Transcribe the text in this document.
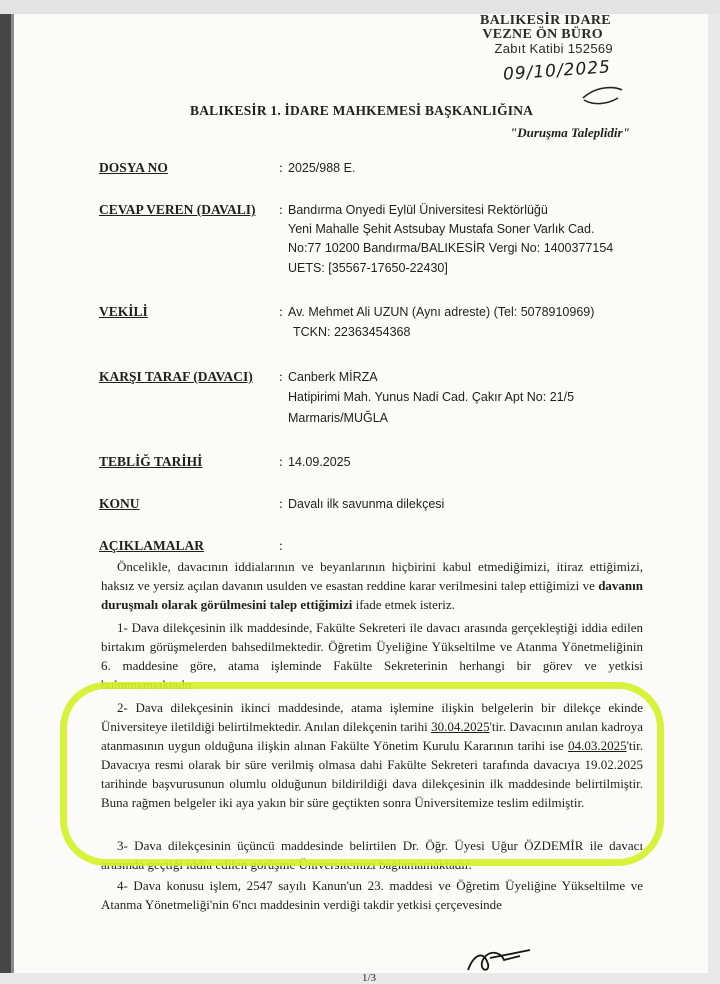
BALIKESİR IDARE
VEZNE ÖN BÜRO
Zabıt Katibi 152569
09/10/2025
BALIKESİR 1. İDARE MAHKEMESİ BAŞKANLIĞINA
"Duruşma Taleplidir"
DOSYA NO	: 2025/988 E.
CEVAP VEREN (DAVALI) : Bandırma Onyedi Eylül Üniversitesi Rektörlüğü
Yeni Mahalle Şehit Astsubay Mustafa Soner Varlık Cad.
No:77 10200 Bandırma/BALIKESİR Vergi No: 1400377154
UETS: [35567-17650-22430]
VEKİLİ	: Av. Mehmet Ali UZUN (Aynı adreste) (Tel: 5078910969)
TCKN: 22363454368
KARŞI TARAF (DAVACI) : Canberk MİRZA
Hatipirimi Mah. Yunus Nadi Cad. Çakır Apt No: 21/5
Marmaris/MUĞLA
TEBLİĞ TARİHİ	: 14.09.2025
KONU	: Davalı ilk savunma dilekçesi
AÇIKLAMALAR	:
Öncelikle, davacının iddialarının ve beyanlarının hiçbirini kabul etmediğimizi, itiraz ettiğimizi, haksız ve yersiz açılan davanın usulden ve esastan reddine karar verilmesini talep ettiğimizi ve davanın duruşmalı olarak görülmesini talep ettiğimizi ifade etmek isteriz.
1- Dava dilekçesinin ilk maddesinde, Fakülte Sekreteri ile davacı arasında gerçekleştiği iddia edilen birtakım görüşmelerden bahsedilmektedir. Öğretim Üyeliğine Yükseltilme ve Atanma Yönetmeliğinin 6. maddesine göre, atama işleminde Fakülte Sekreterinin herhangi bir görev ve yetkisi bulunmamaktadır.
2- Dava dilekçesinin ikinci maddesinde, atama işlemine ilişkin belgelerin bir dilekçe ekinde Üniversiteye iletildiği belirtilmektedir. Anılan dilekçenin tarihi 30.04.2025'tir. Davacının anılan kadroya atanmasının uygun olduğuna ilişkin alınan Fakülte Yönetim Kurulu Kararının tarihi ise 04.03.2025'tir. Davacıya resmi olarak bir süre verilmiş olmasa dahi Fakülte Sekreteri tarafında davacıya 19.02.2025 tarihinde başvurusunun olumlu olduğunun bildirildiği dava dilekçesinin ilk maddesinde belirtilmiştir. Buna rağmen belgeler iki aya yakın bir süre geçtikten sonra Üniversitemize teslim edilmiştir.
3- Dava dilekçesinin üçüncü maddesinde belirtilen Dr. Öğr. Üyesi Uğur ÖZDEMİR ile davacı arasında geçtiği iddia edilen görüşme Üniversitemizi bağlamamaktadır.
4- Dava konusu işlem, 2547 sayılı Kanun'un 23. maddesi ve Öğretim Üyeliğine Yükseltilme ve Atanma Yönetmeliği'nin 6'ncı maddesinin verdiği takdir yetkisi çerçevesinde
1/3
